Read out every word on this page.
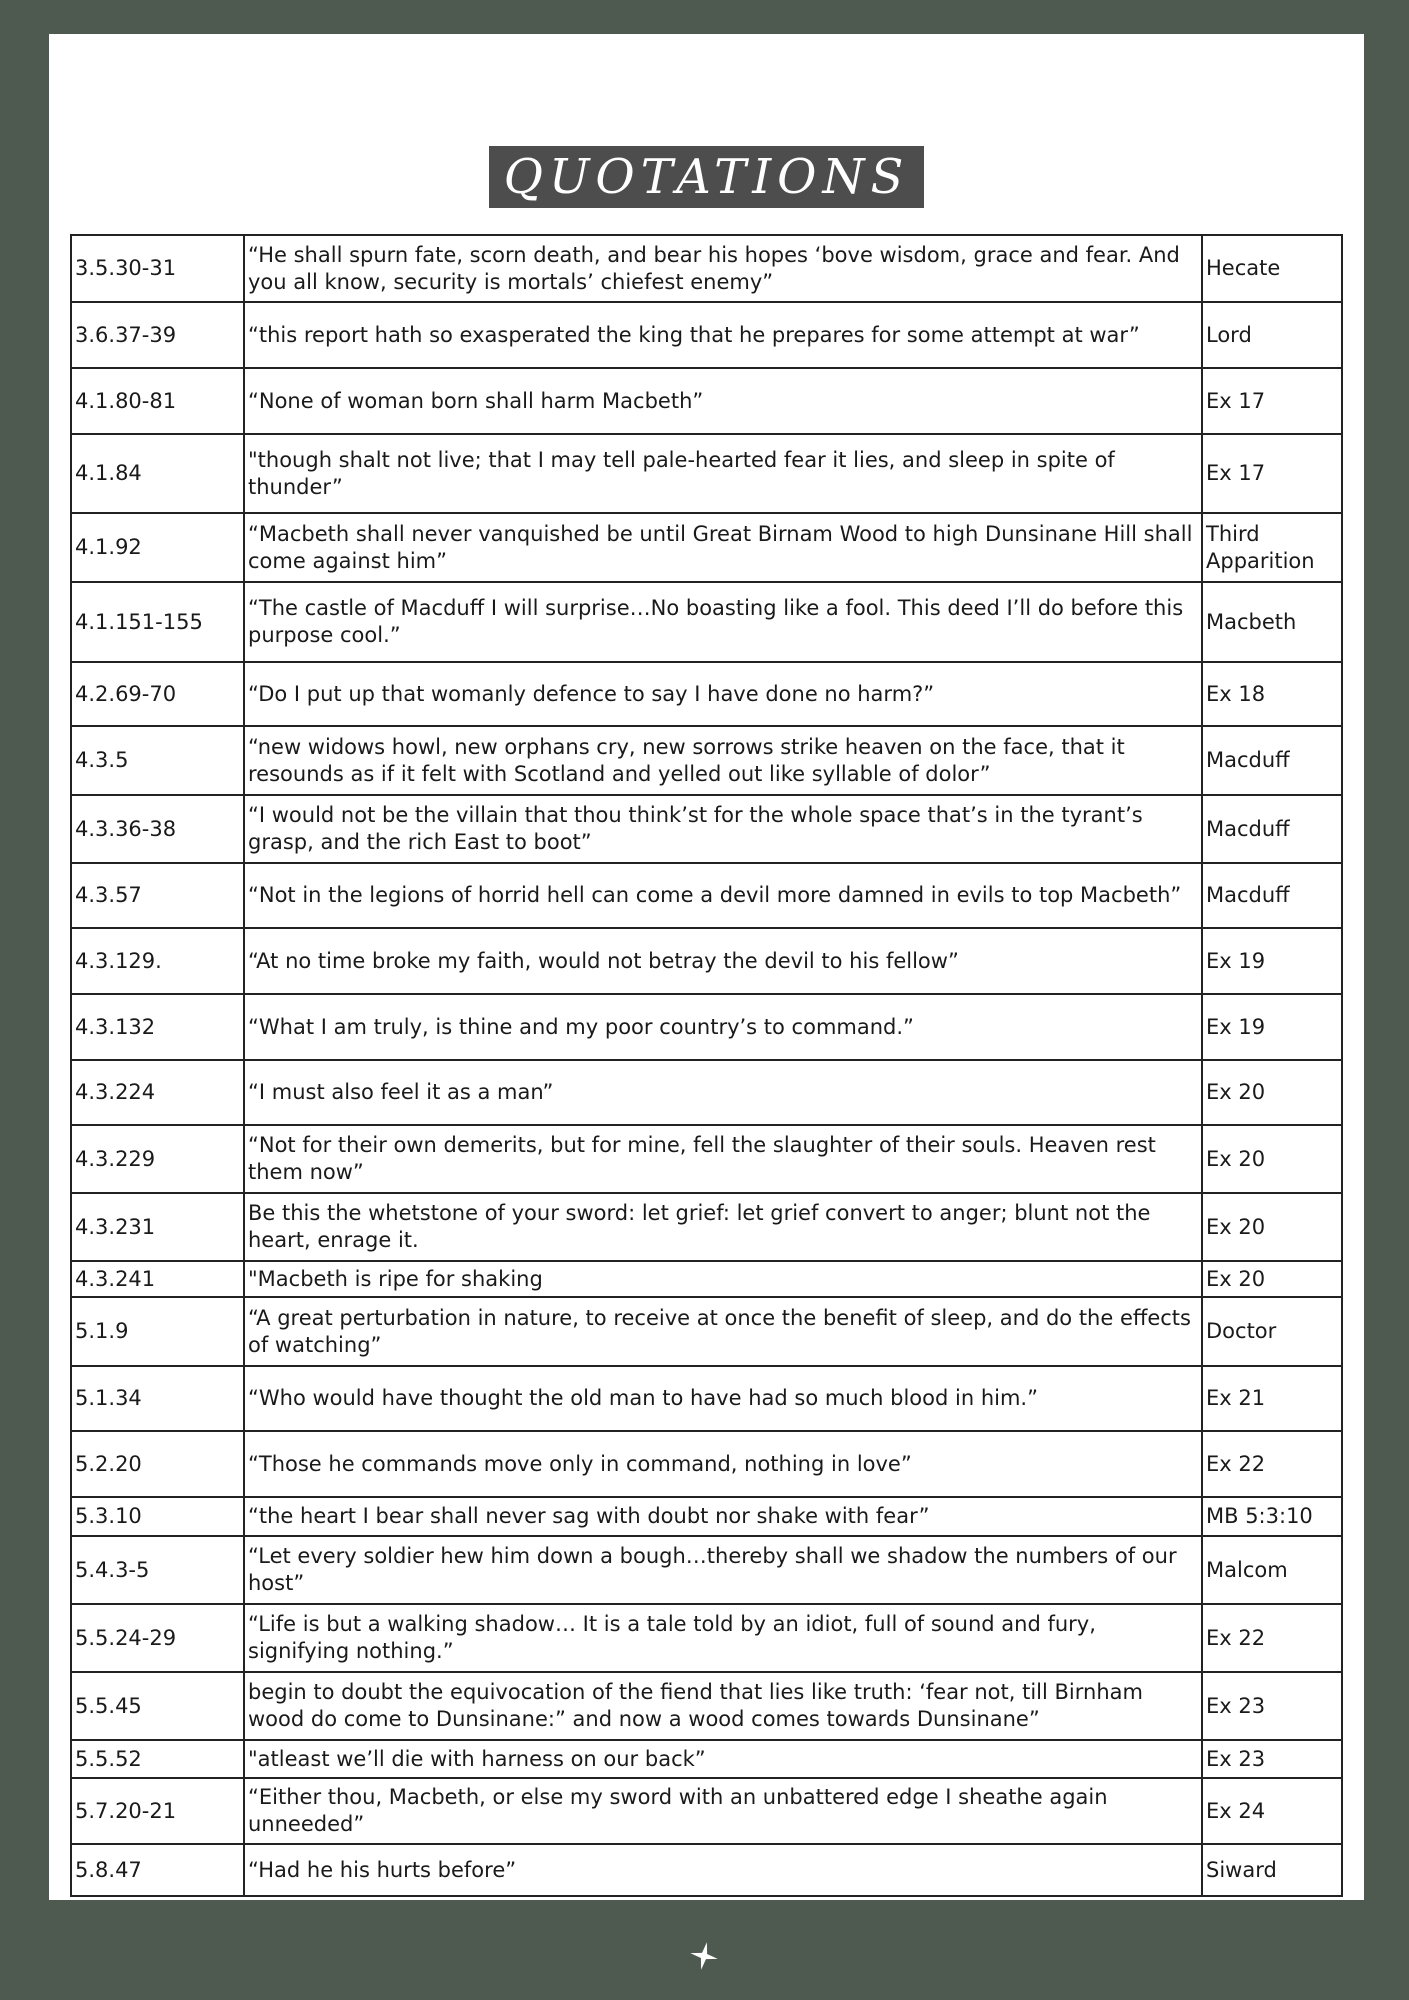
QUOTATIONS
3.5.30-31	“He shall spurn fate, scorn death, and bear his hopes ‘bove wisdom, grace and fear. And you all know, security is mortals’ chiefest enemy”	Hecate
3.6.37-39	“this report hath so exasperated the king that he prepares for some attempt at war”	Lord
4.1.80-81	“None of woman born shall harm Macbeth”	Ex 17
4.1.84	"though shalt not live; that I may tell pale-hearted fear it lies, and sleep in spite of thunder”	Ex 17
4.1.92	“Macbeth shall never vanquished be until Great Birnam Wood to high Dunsinane Hill shall come against him”	Third Apparition
4.1.151-155	“The castle of Macduff I will surprise…No boasting like a fool. This deed I’ll do before this purpose cool.”	Macbeth
4.2.69-70	“Do I put up that womanly defence to say I have done no harm?”	Ex 18
4.3.5	“new widows howl, new orphans cry, new sorrows strike heaven on the face, that it resounds as if it felt with Scotland and yelled out like syllable of dolor”	Macduff
4.3.36-38	“I would not be the villain that thou think’st for the whole space that’s in the tyrant’s grasp, and the rich East to boot”	Macduff
4.3.57	“Not in the legions of horrid hell can come a devil more damned in evils to top Macbeth”	Macduff
4.3.129.	“At no time broke my faith, would not betray the devil to his fellow”	Ex 19
4.3.132	“What I am truly, is thine and my poor country’s to command.”	Ex 19
4.3.224	“I must also feel it as a man”	Ex 20
4.3.229	“Not for their own demerits, but for mine, fell the slaughter of their souls. Heaven rest them now”	Ex 20
4.3.231	Be this the whetstone of your sword: let grief: let grief convert to anger; blunt not the heart, enrage it.	Ex 20
4.3.241	"Macbeth is ripe for shaking	Ex 20
5.1.9	“A great perturbation in nature, to receive at once the benefit of sleep, and do the effects of watching”	Doctor
5.1.34	“Who would have thought the old man to have had so much blood in him.”	Ex 21
5.2.20	“Those he commands move only in command, nothing in love”	Ex 22
5.3.10	“the heart I bear shall never sag with doubt nor shake with fear”	MB 5:3:10
5.4.3-5	“Let every soldier hew him down a bough…thereby shall we shadow the numbers of our host”	Malcom
5.5.24-29	“Life is but a walking shadow… It is a tale told by an idiot, full of sound and fury, signifying nothing.”	Ex 22
5.5.45	begin to doubt the equivocation of the fiend that lies like truth: ‘fear not, till Birnham wood do come to Dunsinane:” and now a wood comes towards Dunsinane”	Ex 23
5.5.52	"atleast we’ll die with harness on our back”	Ex 23
5.7.20-21	“Either thou, Macbeth, or else my sword with an unbattered edge I sheathe again unneeded”	Ex 24
5.8.47	“Had he his hurts before”	Siward
